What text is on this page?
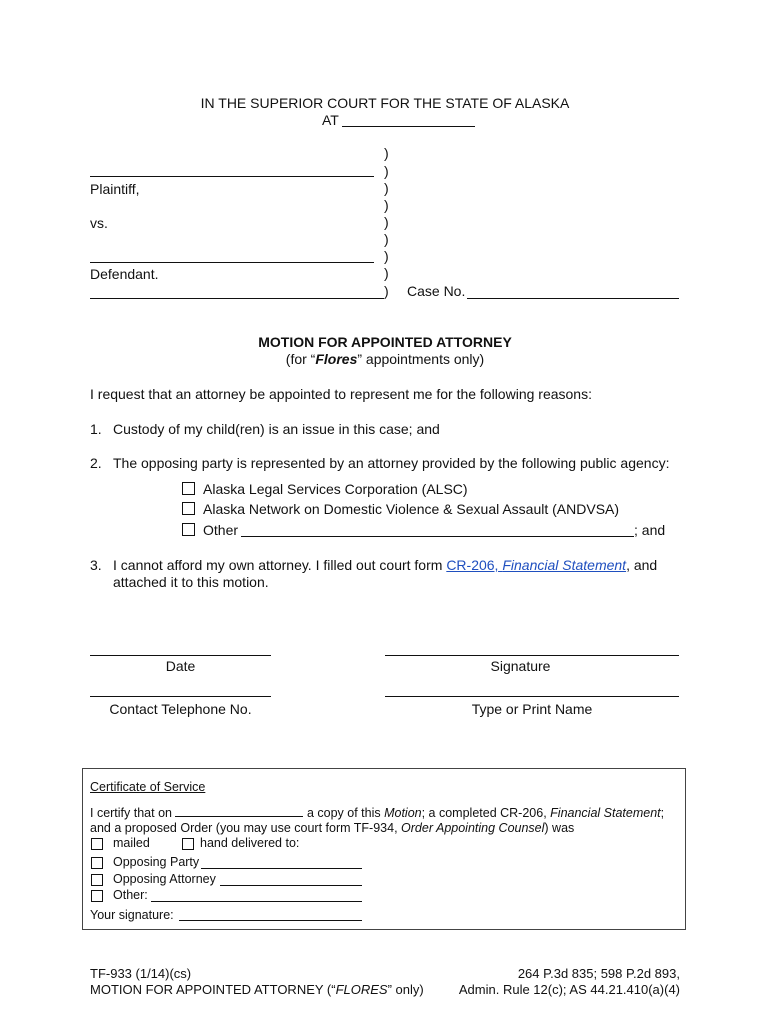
IN THE SUPERIOR COURT FOR THE STATE OF ALASKA
AT
Plaintiff,
vs.
Defendant.
)
)
)
)
)
)
)
)
) Case No.
MOTION FOR APPOINTED ATTORNEY
(for “Flores” appointments only)
I request that an attorney be appointed to represent me for the following reasons:
1. Custody of my child(ren) is an issue in this case; and
2. The opposing party is represented by an attorney provided by the following public agency:
Alaska Legal Services Corporation (ALSC)
Alaska Network on Domestic Violence & Sexual Assault (ANDVSA)
Other	; and
3. I cannot afford my own attorney. I filled out court form CR-206, Financial Statement, and
attached it to this motion.
Date	Signature
Contact Telephone No.	Type or Print Name
Certificate of Service
I certify that on	a copy of this Motion; a completed CR-206, Financial Statement;
and a proposed Order (you may use court form TF-934, Order Appointing Counsel) was
mailed	hand delivered to:
Opposing Party
Opposing Attorney
Other:
Your signature:
TF-933 (1/14)(cs)
MOTION FOR APPOINTED ATTORNEY (“FLORES” only)
264 P.3d 835; 598 P.2d 893,
Admin. Rule 12(c); AS 44.21.410(a)(4)
